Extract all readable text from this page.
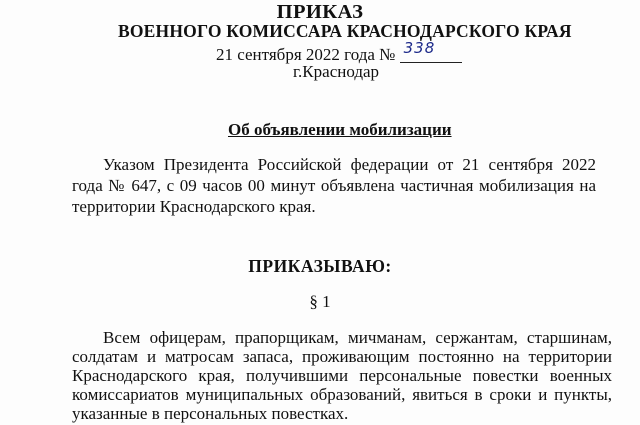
ПРИКАЗ
ВОЕННОГО КОМИССАРА КРАСНОДАРСКОГО КРАЯ
21 сентября 2022 года № 338
г.Краснодар
Об объявлении мобилизации

Указом Президента Российской федерации от 21 сентября 2022 года № 647, с 09 часов 00 минут объявлена частичная мобилизация на территории Краснодарского края.

ПРИКАЗЫВАЮ:
§ 1

Всем офицерам, прапорщикам, мичманам, сержантам, старшинам, солдатам и матросам запаса, проживающим постоянно на территории Краснодарского края, получившими персональные повестки военных комиссариатов муниципальных образований, явиться в сроки и пункты, указанные в персональных повестках.
